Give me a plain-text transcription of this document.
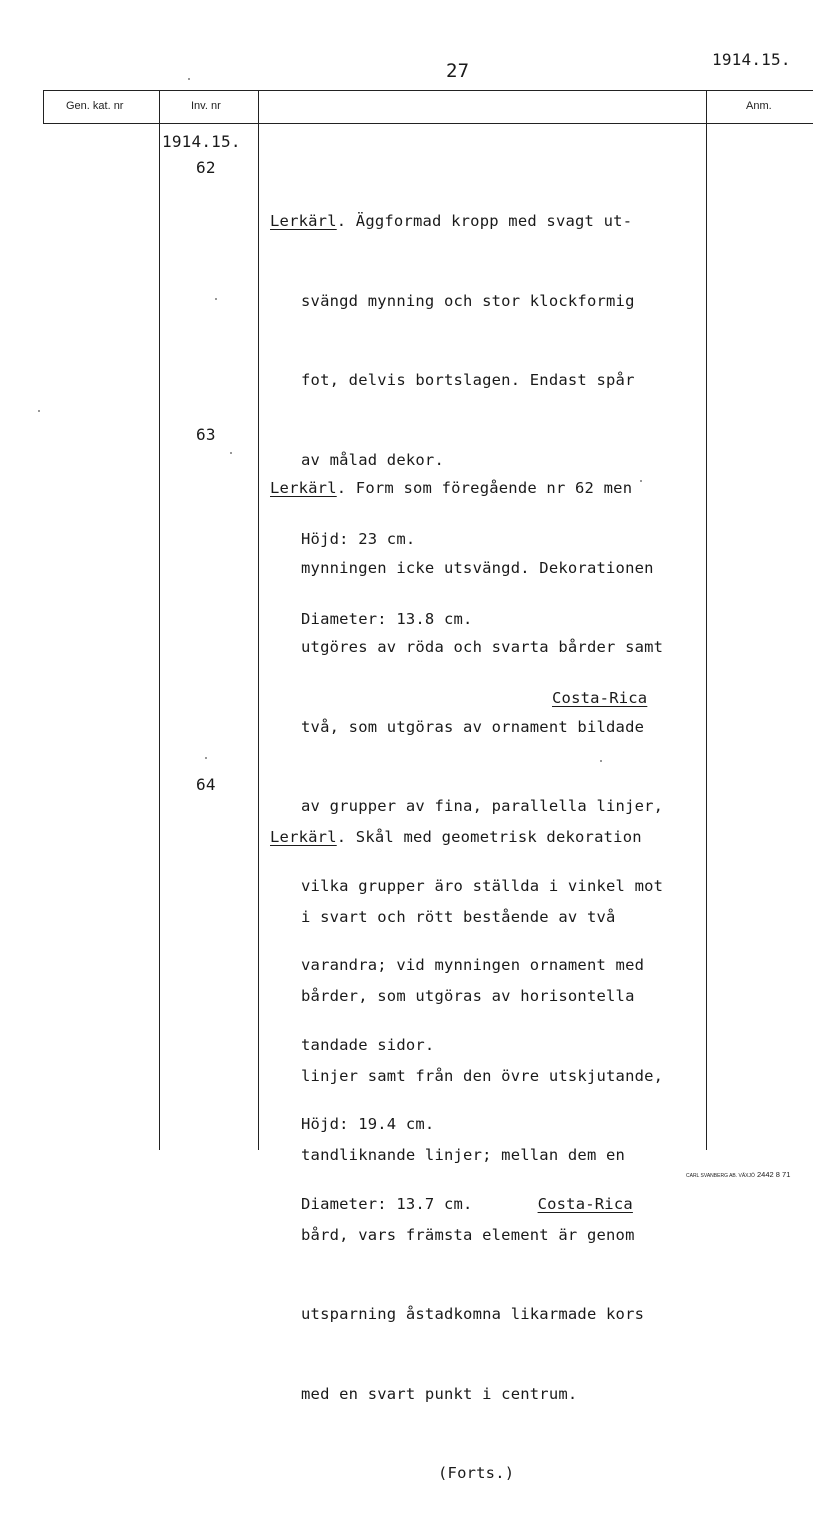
27
1914.15.
Gen. kat. nr	Inv. nr	Anm.
1914.15.
62

Lerkärl. Äggformad kropp med svagt ut-

svängd mynning och stor klockformig

fot, delvis bortslagen. Endast spår

av målad dekor.

Höjd: 23 cm.

Diameter: 13.8 cm.

Costa-Rica

63

Lerkärl. Form som föregående nr 62 men

mynningen icke utsvängd. Dekorationen

utgöres av röda och svarta bårder samt

två, som utgöras av ornament bildade

av grupper av fina, parallella linjer,

vilka grupper äro ställda i vinkel mot

varandra; vid mynningen ornament med

tandade sidor.

Höjd: 19.4 cm.

Diameter: 13.7 cm.	Costa-Rica

64

Lerkärl. Skål med geometrisk dekoration

i svart och rött bestående av två

bårder, som utgöras av horisontella

linjer samt från den övre utskjutande,

tandliknande linjer; mellan dem en

bård, vars främsta element är genom

utsparning åstadkomna likarmade kors

med en svart punkt i centrum.

(Forts.)

CARL SVANBERG AB. VÄXJÖ 2442 8 71
